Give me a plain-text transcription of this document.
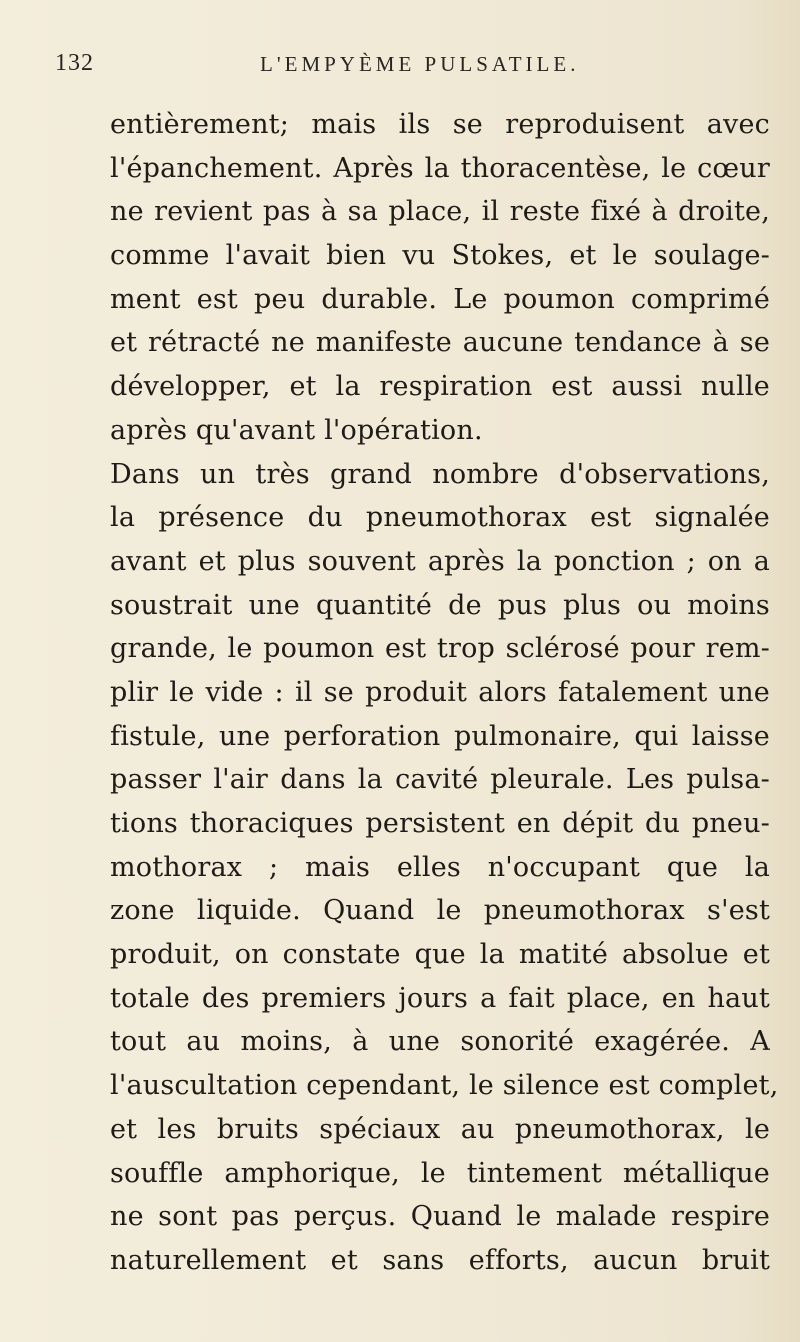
132	L'EMPYÈME PULSATILE.
entièrement; mais ils se reproduisent avec
l'épanchement. Après la thoracentèse, le cœur
ne revient pas à sa place, il reste fixé à droite,
comme l'avait bien vu Stokes, et le soulage-
ment est peu durable. Le poumon comprimé
et rétracté ne manifeste aucune tendance à se
développer, et la respiration est aussi nulle
après qu'avant l'opération.
Dans un très grand nombre d'observations,
la présence du pneumothorax est signalée
avant et plus souvent après la ponction ; on a
soustrait une quantité de pus plus ou moins
grande, le poumon est trop sclérosé pour rem-
plir le vide : il se produit alors fatalement une
fistule, une perforation pulmonaire, qui laisse
passer l'air dans la cavité pleurale. Les pulsa-
tions thoraciques persistent en dépit du pneu-
mothorax ; mais elles n'occupant que la
zone liquide. Quand le pneumothorax s'est
produit, on constate que la matité absolue et
totale des premiers jours a fait place, en haut
tout au moins, à une sonorité exagérée. A
l'auscultation cependant, le silence est complet,
et les bruits spéciaux au pneumothorax, le
souffle amphorique, le tintement métallique
ne sont pas perçus. Quand le malade respire
naturellement et sans efforts, aucun bruit
